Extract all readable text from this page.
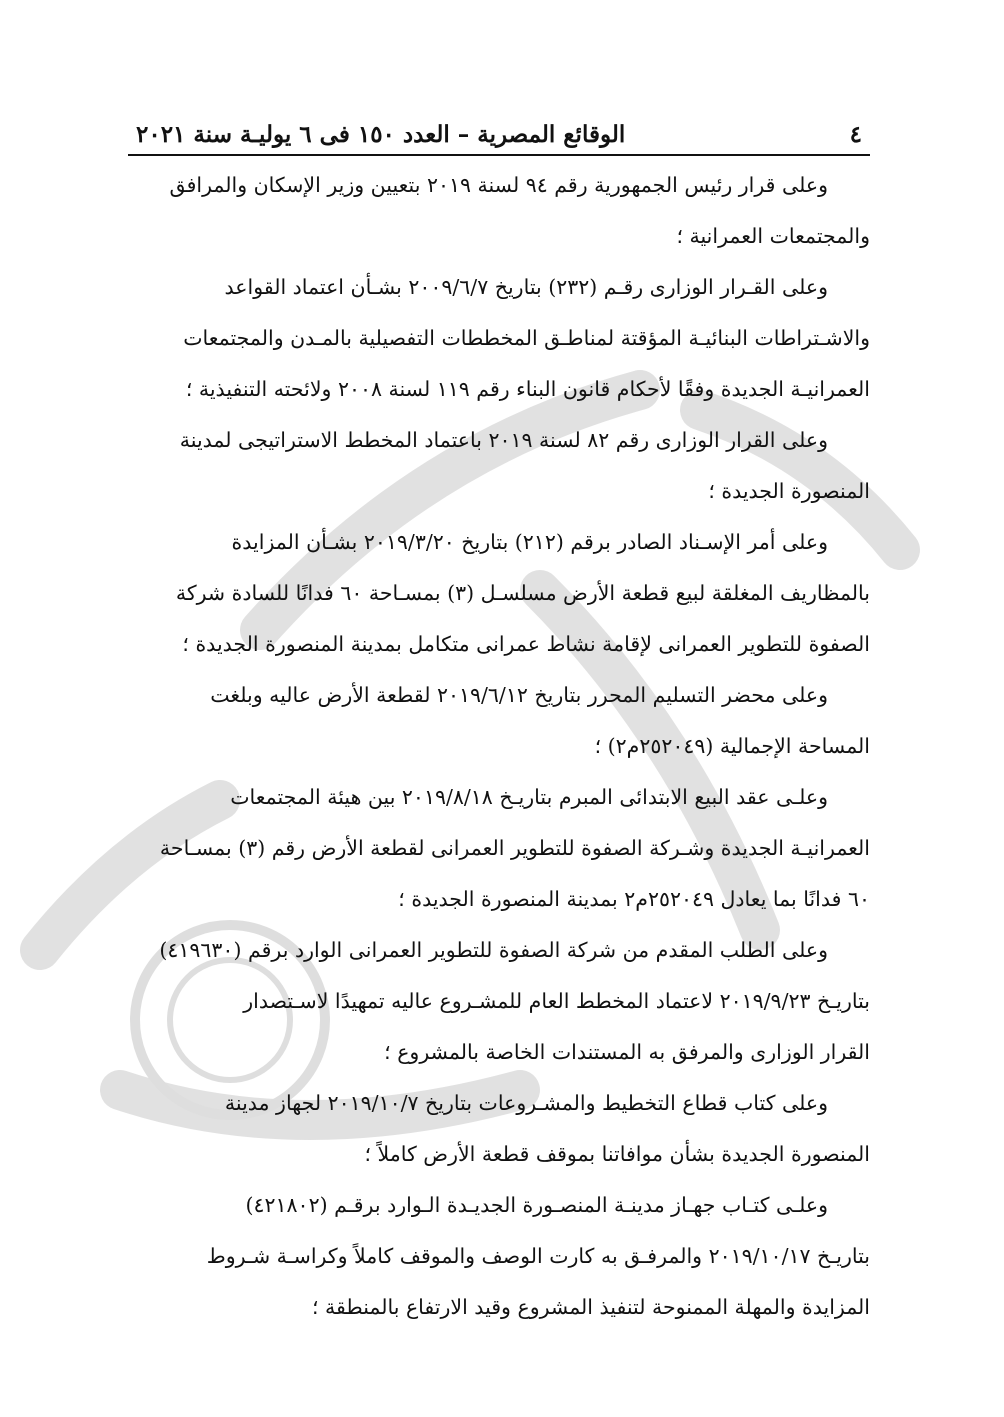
٤
الوقائع المصرية – العدد ١٥٠ فى ٦ يوليـة سنة ٢٠٢١

وعلى قرار رئيس الجمهورية رقم ٩٤ لسنة ٢٠١٩ بتعيين وزير الإسكان والمرافق

والمجتمعات العمرانية ؛

وعلى القـرار الوزارى رقـم (٢٣٢) بتاريخ ٢٠٠٩/٦/٧ بشـأن اعتماد القواعد

والاشـتراطات البنائيـة المؤقتة لمناطـق المخططات التفصيلية بالمـدن والمجتمعات

العمرانيـة الجديدة وفقًا لأحكام قانون البناء رقم ١١٩ لسنة ٢٠٠٨ ولائحته التنفيذية ؛

وعلى القرار الوزارى رقم ٨٢ لسنة ٢٠١٩ باعتماد المخطط الاستراتيجى لمدينة

المنصورة الجديدة ؛

وعلى أمر الإسـناد الصادر برقم (٢١٢) بتاريخ ٢٠١٩/٣/٢٠ بشـأن المزايدة

بالمظاريف المغلقة لبيع قطعة الأرض مسلسـل (٣) بمسـاحة ٦٠ فدانًا للسادة شركة

الصفوة للتطوير العمرانى لإقامة نشاط عمرانى متكامل بمدينة المنصورة الجديدة ؛

وعلى محضر التسليم المحرر بتاريخ ٢٠١٩/٦/١٢ لقطعة الأرض عاليه وبلغت

المساحة الإجمالية (٢٥٢٠٤٩م٢) ؛

وعلـى عقد البيع الابتدائى المبرم بتاريـخ ٢٠١٩/٨/١٨ بين هيئة المجتمعات

العمرانيـة الجديدة وشـركة الصفوة للتطوير العمرانى لقطعة الأرض رقم (٣) بمسـاحة

٦٠ فدانًا بما يعادل ٢٥٢٠٤٩م٢ بمدينة المنصورة الجديدة ؛

وعلى الطلب المقدم من شركة الصفوة للتطوير العمرانى الوارد برقم (٤١٩٦٣٠)

بتاريـخ ٢٠١٩/٩/٢٣ لاعتماد المخطط العام للمشـروع عاليه تمهيدًا لاسـتصدار

القرار الوزارى والمرفق به المستندات الخاصة بالمشروع ؛

وعلى كتاب قطاع التخطيط والمشـروعات بتاريخ ٢٠١٩/١٠/٧ لجهاز مدينة

المنصورة الجديدة بشأن موافاتنا بموقف قطعة الأرض كاملاً ؛

وعلـى كتـاب جهـاز مدينـة المنصـورة الجديـدة الـوارد برقـم (٤٢١٨٠٢)

بتاريـخ ٢٠١٩/١٠/١٧ والمرفـق به كارت الوصف والموقف كاملاً وكراسـة شـروط

المزايدة والمهلة الممنوحة لتنفيذ المشروع وقيد الارتفاع بالمنطقة ؛
